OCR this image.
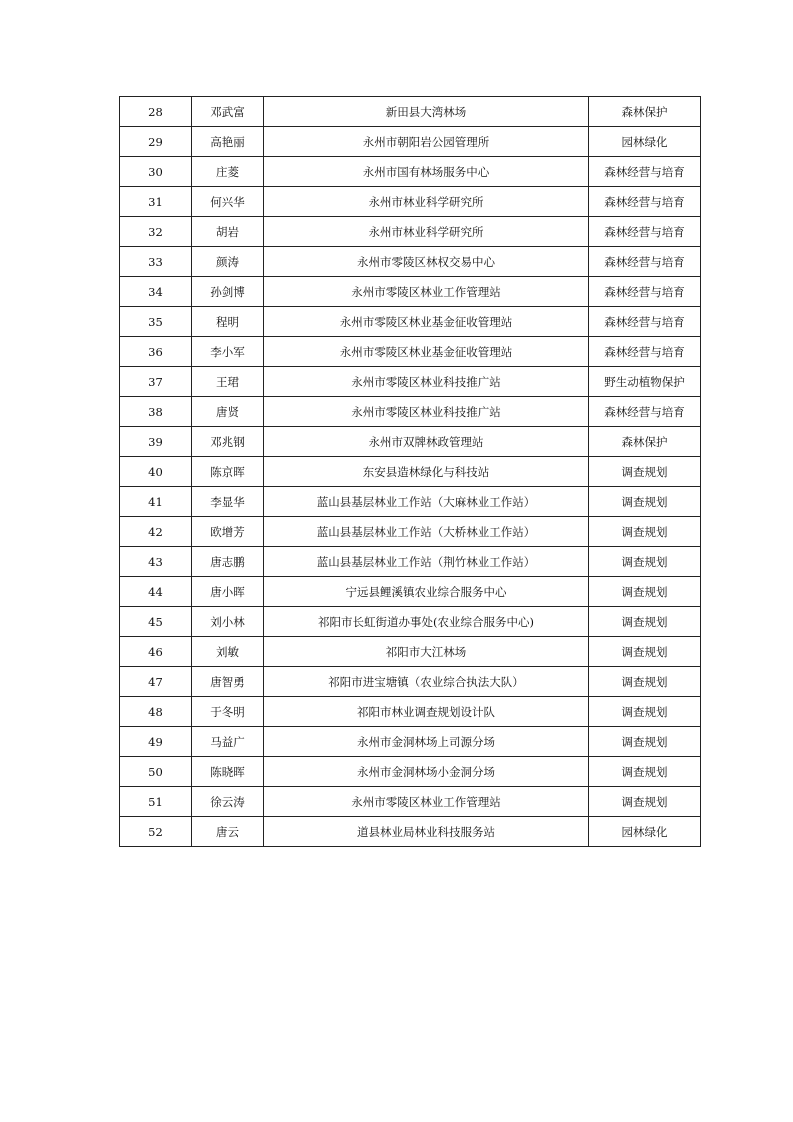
28	邓武富	新田县大湾林场	森林保护
29	高艳丽	永州市朝阳岩公园管理所	园林绿化
30	庄菱	永州市国有林场服务中心	森林经营与培育
31	何兴华	永州市林业科学研究所	森林经营与培育
32	胡岩	永州市林业科学研究所	森林经营与培育
33	颜涛	永州市零陵区林权交易中心	森林经营与培育
34	孙剑博	永州市零陵区林业工作管理站	森林经营与培育
35	程明	永州市零陵区林业基金征收管理站	森林经营与培育
36	李小军	永州市零陵区林业基金征收管理站	森林经营与培育
37	王珺	永州市零陵区林业科技推广站	野生动植物保护
38	唐贤	永州市零陵区林业科技推广站	森林经营与培育
39	邓兆钢	永州市双牌林政管理站	森林保护
40	陈京晖	东安县造林绿化与科技站	调查规划
41	李显华	蓝山县基层林业工作站（大麻林业工作站）	调查规划
42	欧增芳	蓝山县基层林业工作站（大桥林业工作站）	调查规划
43	唐志鹏	蓝山县基层林业工作站（荆竹林业工作站）	调查规划
44	唐小晖	宁远县鲤溪镇农业综合服务中心	调查规划
45	刘小林	祁阳市长虹街道办事处(农业综合服务中心)	调查规划
46	刘敏	祁阳市大江林场	调查规划
47	唐智勇	祁阳市进宝塘镇（农业综合执法大队）	调查规划
48	于冬明	祁阳市林业调查规划设计队	调查规划
49	马益广	永州市金洞林场上司源分场	调查规划
50	陈晓晖	永州市金洞林场小金洞分场	调查规划
51	徐云涛	永州市零陵区林业工作管理站	调查规划
52	唐云	道县林业局林业科技服务站	园林绿化
